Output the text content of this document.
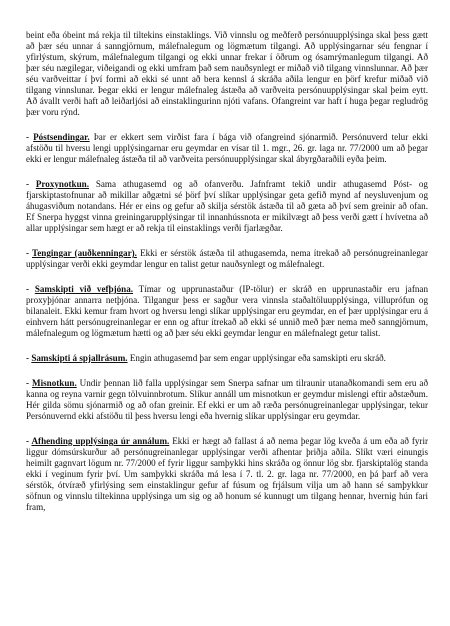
beint eða óbeint má rekja til tiltekins einstaklings. Við vinnslu og meðferð persónuupplýsinga skal þess gætt að þær séu unnar á sanngjörnum, málefnalegum og lögmætum tilgangi. Að upplýsingarnar séu fengnar í yfirlýstum, skýrum, málefnalegum tilgangi og ekki unnar frekar í öðrum og ósamrýmanlegum tilgangi. Að þær séu nægilegar, viðeigandi og ekki umfram það sem nauðsynlegt er miðað við tilgang vinnslunnar. Að þær séu varðveittar í því formi að ekki sé unnt að bera kennsl á skráða aðila lengur en þörf krefur miðað við tilgang vinnslunar. Þegar ekki er lengur málefnaleg ástæða að varðveita persónuupplýsingar skal þeim eytt. Að ávallt verði haft að leiðarljósi að einstaklingurinn njóti vafans. Ofangreint var haft í huga þegar regludrög þær voru rýnd.

- Póstsendingar. Þar er ekkert sem virðist fara í bága við ofangreind sjónarmið. Persónuverd telur ekki afstöðu til hversu lengi upplýsingarnar eru geymdar en vísar til 1. mgr., 26. gr. laga nr. 77/2000 um að þegar ekki er lengur málefnaleg ástæða til að varðveita persónuupplýsingar skal ábyrgðaraðili eyða þeim.

- Proxynotkun. Sama athugasemd og að ofanverðu. Jafnframt tekið undir athugasemd Póst- og fjarskiptastofnunar að mikillar aðgætni sé þörf því slíkar upplýsingar geta gefið mynd af neysluvenjum og áhugasviðum notandans. Hér er eins og gefur að skilja sérstök ástæða til að gæta að því sem greinir að ofan. Ef Snerpa hyggst vinna greiningarupplýsingar til innanhússnota er mikilvægt að þess verði gætt í hvívetna að allar upplýsingar sem hægt er að rekja til einstaklings verði fjarlægðar.

- Tengingar (auðkenningar). Ekki er sérstök ástæða til athugasemda, nema ítrekað að persónugreinanlegar upplýsingar verði ekki geymdar lengur en talist getur nauðsynlegt og málefnalegt.

- Samskipti við vefþjóna. Tímar og upprunastaður (IP-tölur) er skráð en upprunastaðir eru jafnan proxyþjónar annarra netþjóna. Tilgangur þess er sagður vera vinnsla staðaltöluupplýsinga, villuprófun og bilanaleit. Ekki kemur fram hvort og hversu lengi slíkar upplýsingar eru geymdar, en ef þær upplýsingar eru á einhvern hátt persónugreinanlegar er enn og aftur ítrekað að ekki sé unnið með þær nema með sanngjörnum, málefnalegum og lögmætum hætti og að þær séu ekki geymdar lengur en málefnalegt getur talist.

- Samskipti á spjallrásum. Engin athugasemd þar sem engar upplýsingar eða samskipti eru skráð.

- Misnotkun. Undir þennan lið falla upplýsingar sem Snerpa safnar um tilraunir utanaðkomandi sem eru að kanna og reyna varnir gegn tölvuinnbrotum. Slíkur annáll um misnotkun er geymdur mislengi eftir aðstæðum. Hér gilda sömu sjónarmið og að ofan greinir. Ef ekki er um að ræða persónugreinanlegar upplýsingar, tekur Persónuvernd ekki afstöðu til þess hversu lengi eða hvernig slíkar upplýsingar eru geymdar.

- Afhending upplýsinga úr annálum. Ekki er hægt að fallast á að nema þegar lög kveða á um eða að fyrir liggur dómsúrskurður að persónugreinanlegar upplýsingar verði afhentar þriðja aðila. Slíkt væri einungis heimilt gagnvart lögum nr. 77/2000 ef fyrir liggur samþykki hins skráða og önnur lög sbr. fjarskiptalög standa ekki í veginum fyrir því. Um samþykki skráða má lesa í 7. tl. 2. gr. laga nr. 77/2000, en þá þarf að vera sérstök, ótvíræð yfirlýsing sem einstaklingur gefur af fúsum og frjálsum vilja um að hann sé samþykkur söfnun og vinnslu tiltekinna upplýsinga um sig og að honum sé kunnugt um tilgang hennar, hvernig hún fari fram,
